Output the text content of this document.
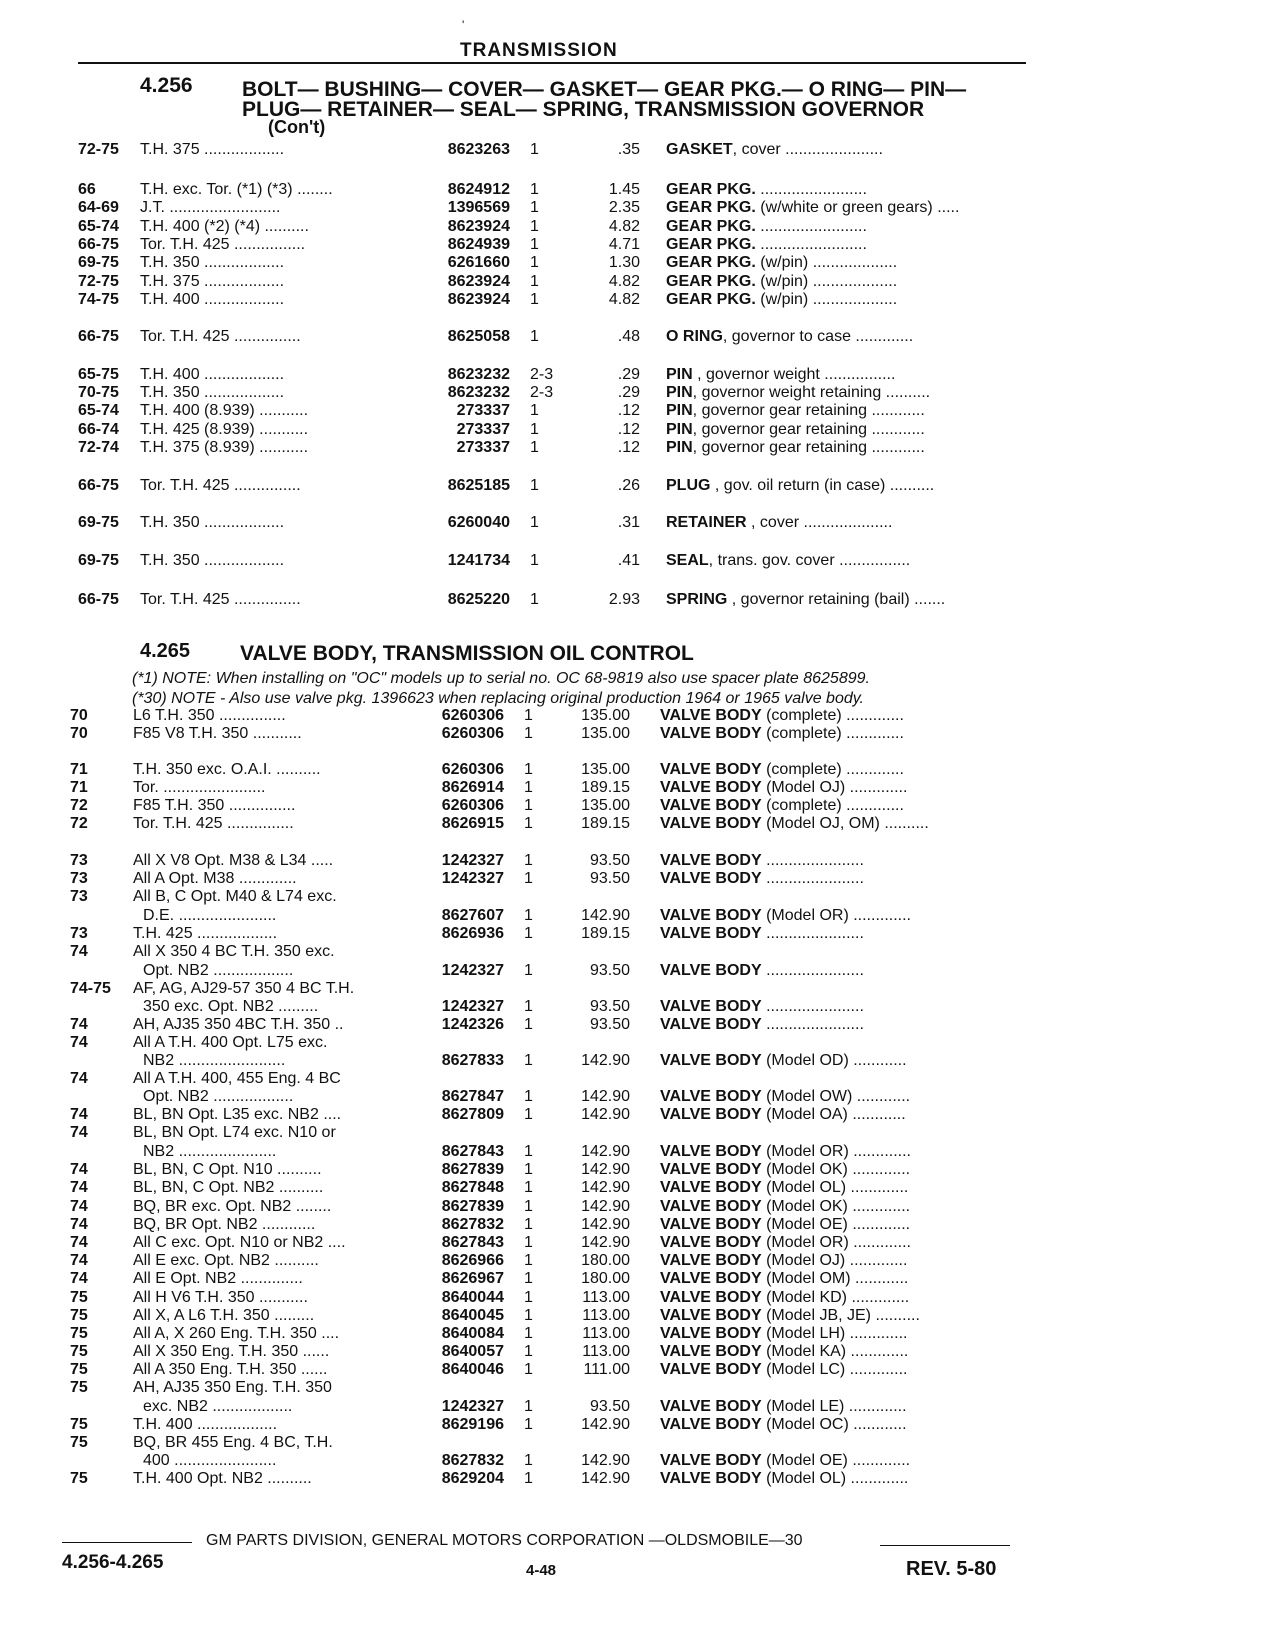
'
TRANSMISSION
4.256 BOLT— BUSHING— COVER— GASKET— GEAR PKG.— O RING— PIN—
PLUG— RETAINER— SEAL— SPRING, TRANSMISSION GOVERNOR
(Con't)
72-75 T.H. 375 ..................	8623263 1	.35 GASKET, cover ......................
66	T.H. exc. Tor. (*1) (*3) ........	8624912 1	1.45 GEAR PKG. ........................
64-69 J.T. .........................	1396569 1	2.35 GEAR PKG. (w/white or green gears) .....
65-74 T.H. 400 (*2) (*4) ..........	8623924 1	4.82 GEAR PKG. ........................
66-75 Tor. T.H. 425 ................	8624939 1	4.71 GEAR PKG. ........................
69-75 T.H. 350 ..................	6261660 1	1.30 GEAR PKG. (w/pin) ...................
72-75 T.H. 375 ..................	8623924 1	4.82 GEAR PKG. (w/pin) ...................
74-75 T.H. 400 ..................	8623924 1	4.82 GEAR PKG. (w/pin) ...................
66-75 Tor. T.H. 425 ...............	8625058 1	.48 O RING, governor to case .............
65-75 T.H. 400 ..................	8623232 2-3	.29 PIN , governor weight ................
70-75 T.H. 350 ..................	8623232 2-3	.29 PIN, governor weight retaining ..........
65-74 T.H. 400 (8.939) ...........	273337 1	.12 PIN, governor gear retaining ............
66-74 T.H. 425 (8.939) ...........	273337 1	.12 PIN, governor gear retaining ............
72-74 T.H. 375 (8.939) ...........	273337 1	.12 PIN, governor gear retaining ............
66-75 Tor. T.H. 425 ...............	8625185 1	.26 PLUG , gov. oil return (in case) ..........
69-75 T.H. 350 ..................	6260040 1	.31 RETAINER , cover ....................
69-75 T.H. 350 ..................	1241734 1	.41 SEAL, trans. gov. cover ................
66-75 Tor. T.H. 425 ...............	8625220 1	2.93 SPRING , governor retaining (bail) .......
4.265 VALVE BODY, TRANSMISSION OIL CONTROL
(*1) NOTE: When installing on "OC" models up to serial no. OC 68-9819 also use spacer plate 8625899.
(*30) NOTE - Also use valve pkg. 1396623 when replacing original production 1964 or 1965 valve body.
70	L6 T.H. 350 ...............	6260306 1	135.00 VALVE BODY (complete) .............
70	F85 V8 T.H. 350 ...........	6260306 1	135.00 VALVE BODY (complete) .............
71	T.H. 350 exc. O.A.I. ..........	6260306 1	135.00 VALVE BODY (complete) .............
71	Tor. .......................	8626914 1	189.15 VALVE BODY (Model OJ) .............
72	F85 T.H. 350 ...............	6260306 1	135.00 VALVE BODY (complete) .............
72	Tor. T.H. 425 ...............	8626915 1	189.15 VALVE BODY (Model OJ, OM) ..........
73	All X V8 Opt. M38 & L34 .....	1242327 1	93.50 VALVE BODY ......................
73	All A Opt. M38 .............	1242327 1	93.50 VALVE BODY ......................
73	All B, C Opt. M40 & L74 exc.
D.E. ......................	8627607 1	142.90 VALVE BODY (Model OR) .............
73	T.H. 425 ..................	8626936 1	189.15 VALVE BODY ......................
74	All X 350 4 BC T.H. 350 exc.
Opt. NB2 ..................	1242327 1	93.50 VALVE BODY ......................
74-75 AF, AG, AJ29-57 350 4 BC T.H.
350 exc. Opt. NB2 .........	1242327 1	93.50 VALVE BODY ......................
74	AH, AJ35 350 4BC T.H. 350 ..	1242326 1	93.50 VALVE BODY ......................
74	All A T.H. 400 Opt. L75 exc.
NB2 ........................	8627833 1	142.90 VALVE BODY (Model OD) ............
74	All A T.H. 400, 455 Eng. 4 BC
Opt. NB2 ..................	8627847 1	142.90 VALVE BODY (Model OW) ............
74	BL, BN Opt. L35 exc. NB2 ....	8627809 1	142.90 VALVE BODY (Model OA) ............
74	BL, BN Opt. L74 exc. N10 or
NB2 ......................	8627843 1	142.90 VALVE BODY (Model OR) .............
74	BL, BN, C Opt. N10 ..........	8627839 1	142.90 VALVE BODY (Model OK) .............
74	BL, BN, C Opt. NB2 ..........	8627848 1	142.90 VALVE BODY (Model OL) .............
74	BQ, BR exc. Opt. NB2 ........	8627839 1	142.90 VALVE BODY (Model OK) .............
74	BQ, BR Opt. NB2 ............	8627832 1	142.90 VALVE BODY (Model OE) .............
74	All C exc. Opt. N10 or NB2 ....	8627843 1	142.90 VALVE BODY (Model OR) .............
74	All E exc. Opt. NB2 ..........	8626966 1	180.00 VALVE BODY (Model OJ) .............
74	All E Opt. NB2 ..............	8626967 1	180.00 VALVE BODY (Model OM) ............
75	All H V6 T.H. 350 ...........	8640044 1	113.00 VALVE BODY (Model KD) .............
75	All X, A L6 T.H. 350 .........	8640045 1	113.00 VALVE BODY (Model JB, JE) ..........
75	All A, X 260 Eng. T.H. 350 ....	8640084 1	113.00 VALVE BODY (Model LH) .............
75	All X 350 Eng. T.H. 350 ......	8640057 1	113.00 VALVE BODY (Model KA) .............
75	All A 350 Eng. T.H. 350 ......	8640046 1	111.00 VALVE BODY (Model LC) .............
75	AH, AJ35 350 Eng. T.H. 350
exc. NB2 ..................	1242327 1	93.50 VALVE BODY (Model LE) .............
75	T.H. 400 ..................	8629196 1	142.90 VALVE BODY (Model OC) ............
75	BQ, BR 455 Eng. 4 BC, T.H.
400 .......................	8627832 1	142.90 VALVE BODY (Model OE) .............
75	T.H. 400 Opt. NB2 ..........	8629204 1	142.90 VALVE BODY (Model OL) .............
GM PARTS DIVISION, GENERAL MOTORS CORPORATION —OLDSMOBILE—30
4.256-4.265	4-48	REV. 5-80
